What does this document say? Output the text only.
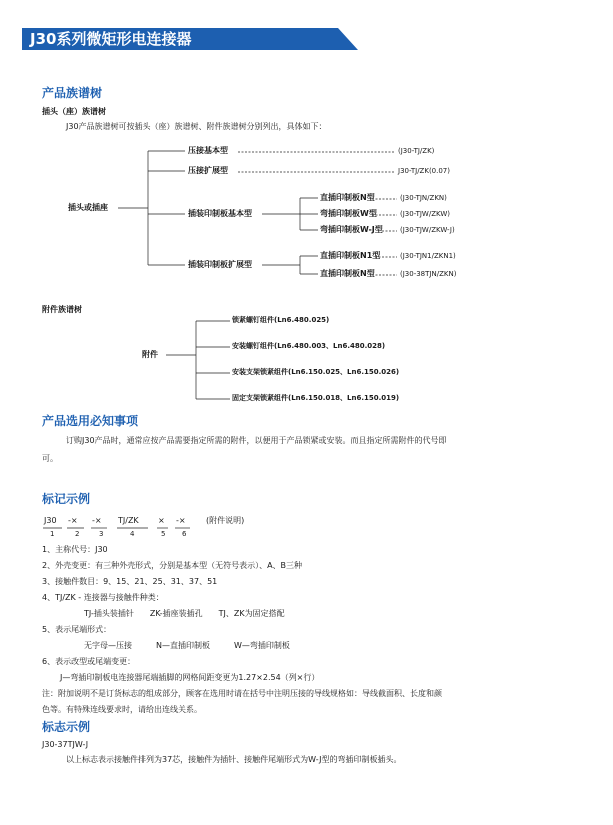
J30系列微矩形电连接器
产品族谱树
插头（座）族谱树
J30产品族谱树可按插头（座）族谱树、附件族谱树分别列出，具体如下：
插头或插座
压接基本型	(J30-TJ/ZK)
压接扩展型	J30-TJ/ZK(0.07)
插装印制板基本型
直插印制板N型	(J30-TJN/ZKN)
弯插印制板W型	(J30-TJW/ZKW)
弯插印制板W-J型 (J30-TJW/ZKW-J)
插装印制板扩展型
直插印制板N1型	(J30-TJN1/ZKN1)
直插印制板N型	(J30-38TJN/ZKN)
附件族谱树
附件
锁紧螺钉组件(Ln6.480.025)
安装螺钉组件(Ln6.480.003、Ln6.480.028)
安装支架锁紧组件(Ln6.150.025、Ln6.150.026)
固定支架锁紧组件(Ln6.150.018、Ln6.150.019)
产品选用必知事项
订购J30产品时，通常应按产品需要指定所需的附件，以便用于产品锁紧或安装。而且指定所需附件的代号即
可。
标记示例
J30 -× -× TJ/ZK × -×	(附件说明)
1	2	3	4	5 6
1、主称代号：J30
2、外壳变更：有三种外壳形式，分别是基本型（无符号表示）、A、B三种
3、接触件数目：9、15、21、25、31、37、51
4、TJ/ZK - 连接器与接触件种类：
TJ-插头装插针　　ZK-插座装插孔　　TJ、ZK为固定搭配
5、表示尾端形式：
无字母—压接　　　N—直插印制板　　　W—弯插印制板
6、表示改型或尾端变更：
J—弯插印制板电连接器尾端插脚的网格间距变更为1.27×2.54（列×行）
注：附加说明不是订货标志的组成部分，顾客在选用时请在括号中注明压接的导线规格如：导线截面积、长度和颜
色等。有特殊连线要求时，请给出连线关系。
标志示例
J30-37TJW-J
以上标志表示接触件排列为37芯，接触件为插针、接触件尾端形式为W-J型的弯插印制板插头。
